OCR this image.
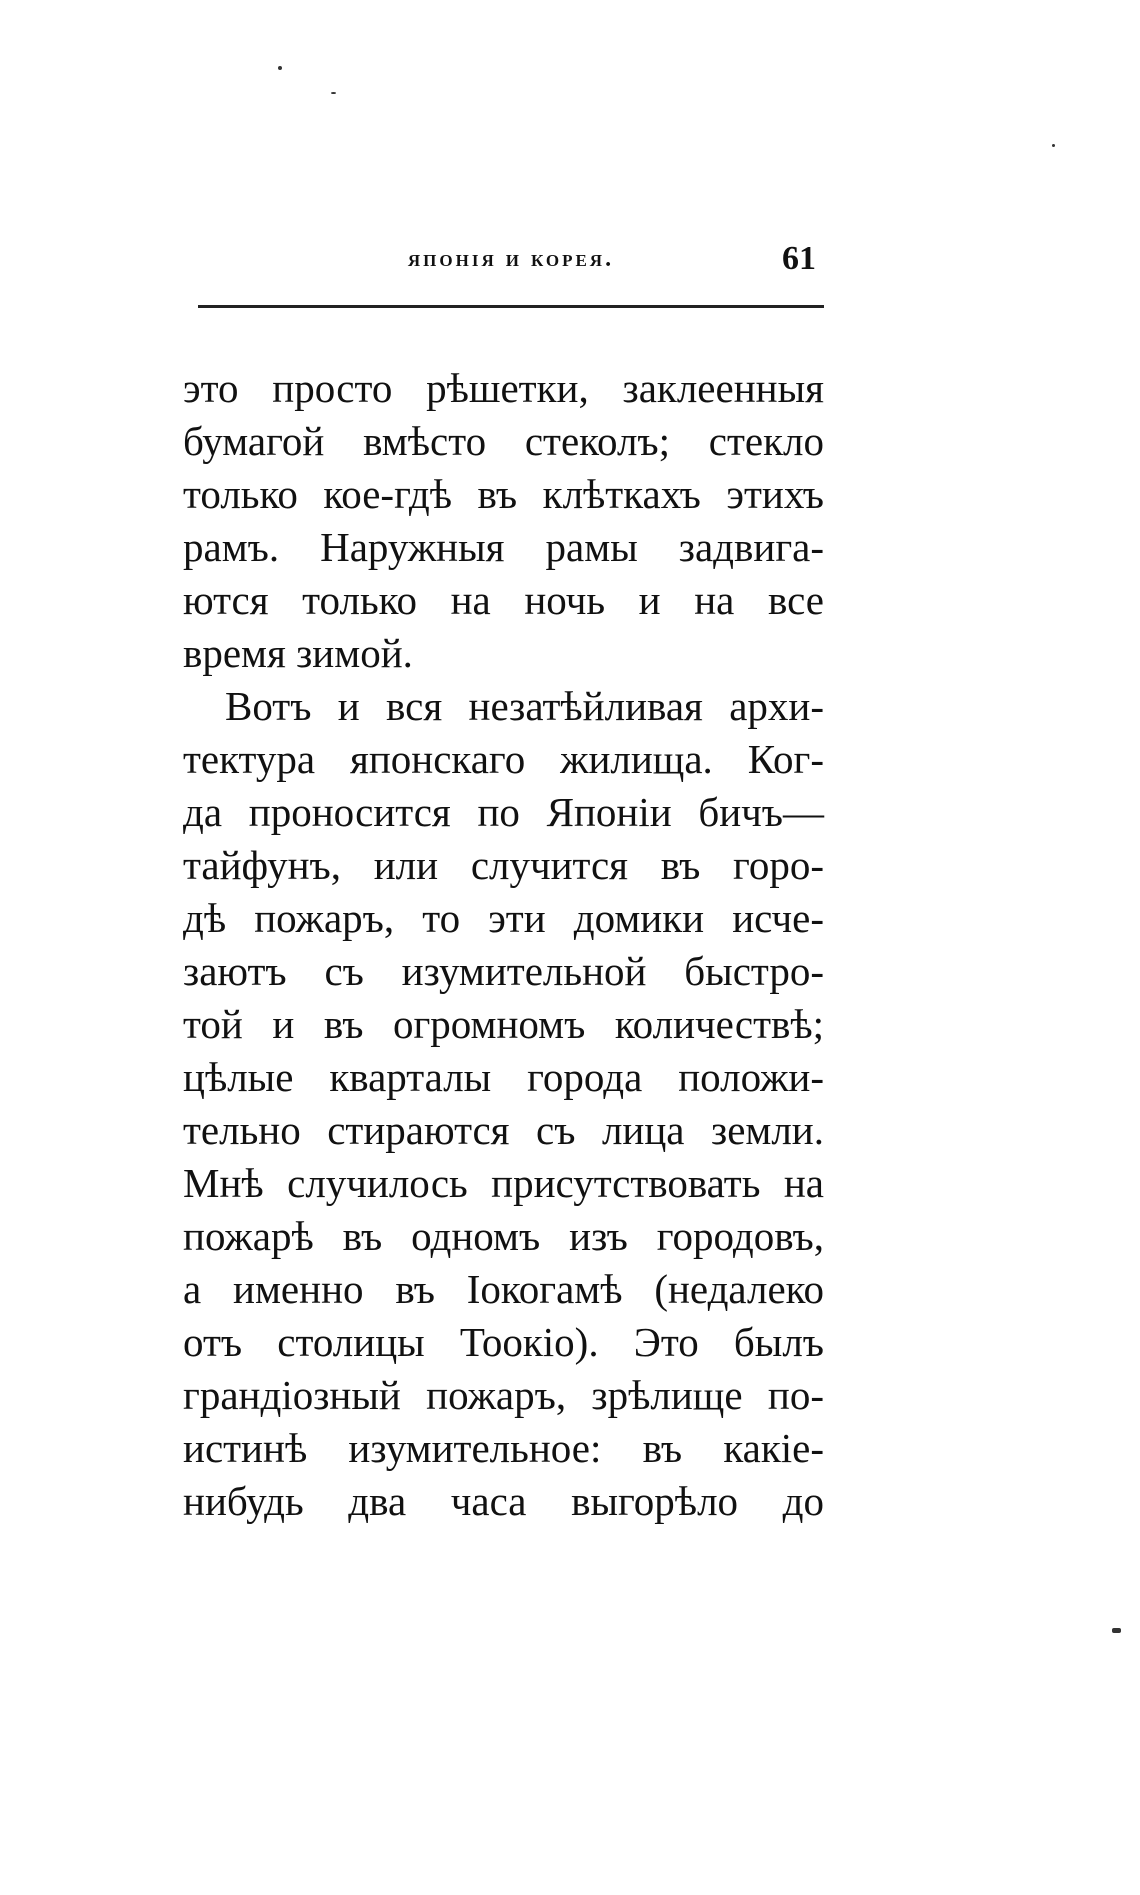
японія и корея.	61
это просто рѣшетки, заклеенныя
бумагой вмѣсто стеколъ; стекло
только кое-гдѣ въ клѣткахъ этихъ
рамъ. Наружныя рамы задвига-
ются только на ночь и на все
время зимой.
Вотъ и вся незатѣйливая архи-
тектура японскаго жилища. Ког-
да проносится по Японіи бичъ—
тайфунъ, или случится въ горо-
дѣ пожаръ, то эти домики исче-
заютъ съ изумительной быстро-
той и въ огромномъ количествѣ;
цѣлые кварталы города положи-
тельно стираются съ лица земли.
Мнѣ случилось присутствовать на
пожарѣ въ одномъ изъ городовъ,
а именно въ Іокогамѣ (недалеко
отъ столицы Тоокіо). Это былъ
грандіозный пожаръ, зрѣлище по-
истинѣ изумительное: въ какіе-
нибудь два часа выгорѣло до
